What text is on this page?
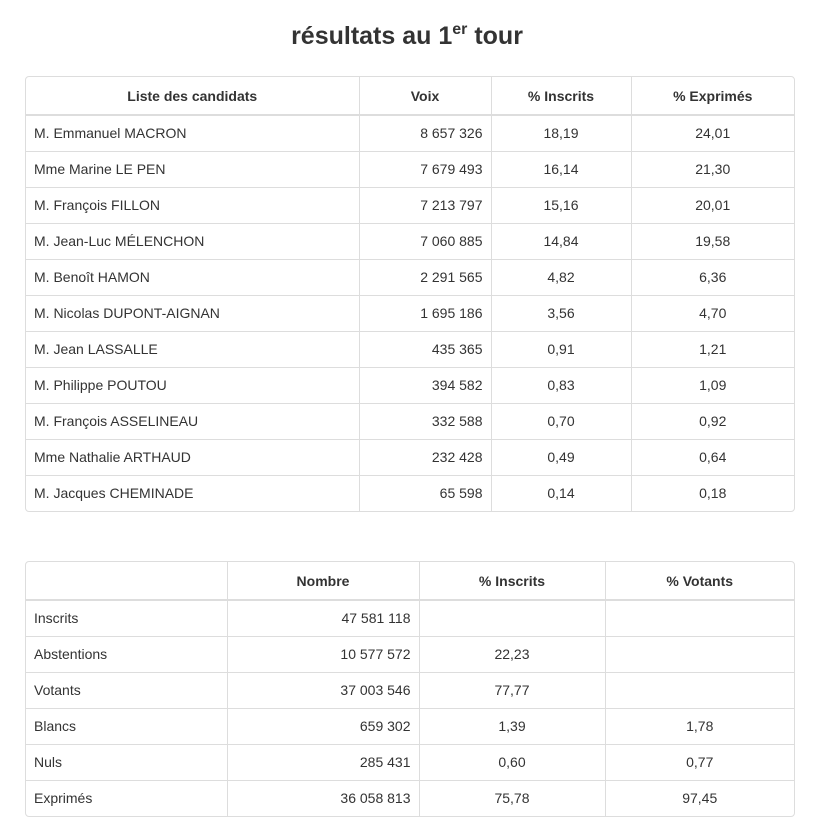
résultats au 1er tour
Liste des candidats	Voix	% Inscrits	% Exprimés
M. Emmanuel MACRON	8 657 326	18,19	24,01
Mme Marine LE PEN	7 679 493	16,14	21,30
M. François FILLON	7 213 797	15,16	20,01
M. Jean-Luc MÉLENCHON	7 060 885	14,84	19,58
M. Benoît HAMON	2 291 565	4,82	6,36
M. Nicolas DUPONT-AIGNAN	1 695 186	3,56	4,70
M. Jean LASSALLE	435 365	0,91	1,21
M. Philippe POUTOU	394 582	0,83	1,09
M. François ASSELINEAU	332 588	0,70	0,92
Mme Nathalie ARTHAUD	232 428	0,49	0,64
M. Jacques CHEMINADE	65 598	0,14	0,18
	Nombre	% Inscrits	% Votants
Inscrits	47 581 118		
Abstentions	10 577 572	22,23	
Votants	37 003 546	77,77	
Blancs	659 302	1,39	1,78
Nuls	285 431	0,60	0,77
Exprimés	36 058 813	75,78	97,45
